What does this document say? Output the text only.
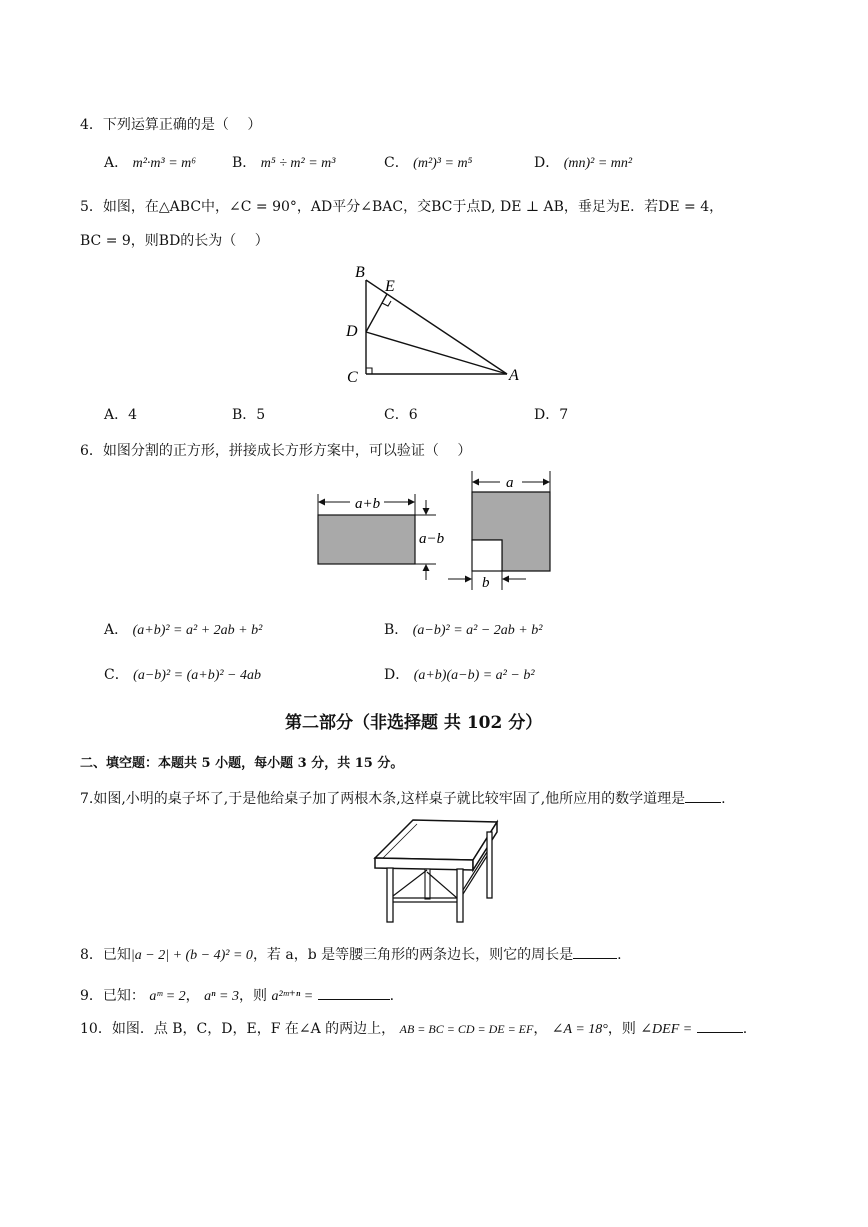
4．下列运算正确的是（　 ）
A． m²·m³ = m⁶	B． m⁵ ÷ m² = m³	C． (m²)³ = m⁵	D． (mn)² = mn²
5．如图，在△ABC中，∠C = 90°，AD平分∠BAC，交BC于点D, DE ⊥ AB，垂足为E．若DE = 4，
BC = 9，则BD的长为（　 ）
B
E
D
C	A
A．4	B．5	C．6	D．7
6．如图分割的正方形，拼接成长方形方案中，可以验证（　 ）
a+b
a−b
a
b
A． (a+b)² = a² + 2ab + b²	B． (a−b)² = a² − 2ab + b²
C． (a−b)² = (a+b)² − 4ab	D． (a+b)(a−b) = a² − b²
第二部分（非选择题 共 102 分）
二、填空题：本题共 5 小题，每小题 3 分，共 15 分。
7.如图,小明的桌子坏了,于是他给桌子加了两根木条,这样桌子就比较牢固了,他所应用的数学道理是	.
8．已知|a − 2| + (b − 4)² = 0，若 a，b 是等腰三角形的两条边长，则它的周长是	.
9．已知： aᵐ = 2， aⁿ = 3，则 a²ᵐ⁺ⁿ =	.
10．如图．点 B，C，D，E，F 在∠A 的两边上， AB = BC = CD = DE = EF， ∠A = 18°，则 ∠DEF =	.
